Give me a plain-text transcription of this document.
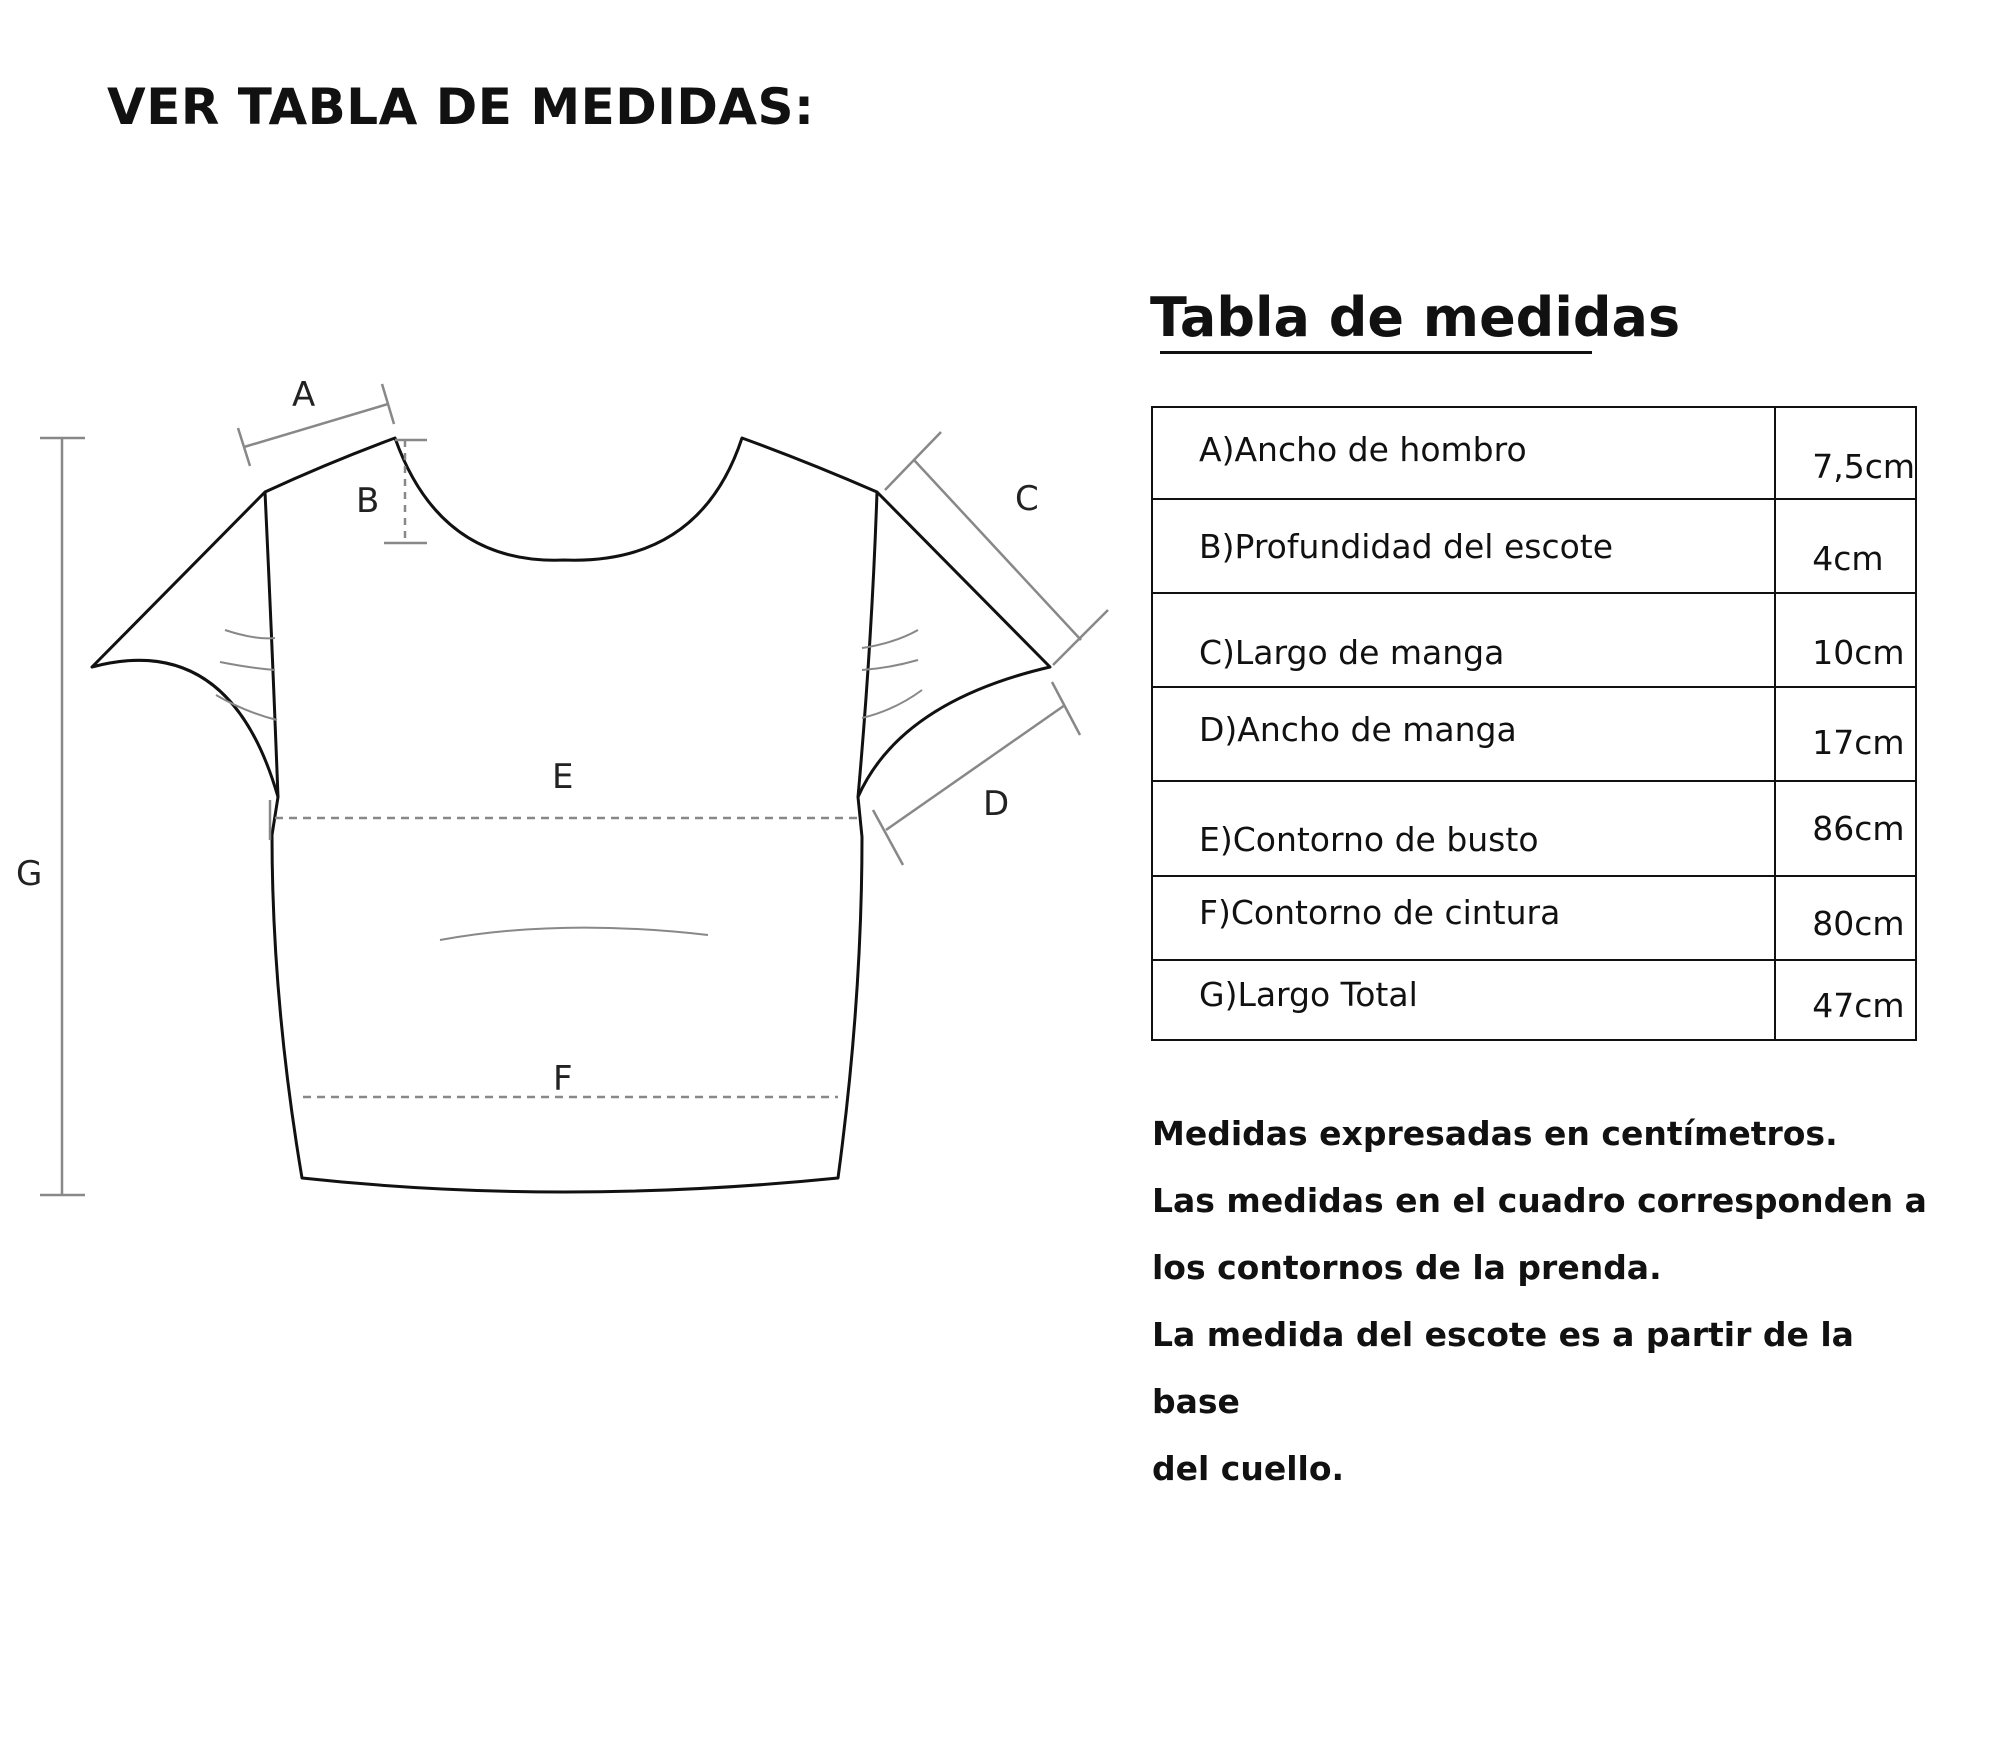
VER TABLA DE MEDIDAS:
A
B	C
D
E
F
G
Tabla de medidas
A)Ancho de hombro	7,5cm
B)Profundidad del escote	4cm
C)Largo de manga	10cm
D)Ancho de manga	17cm
E)Contorno de busto	86cm
F)Contorno de cintura	80cm
G)Largo Total	47cm

Medidas expresadas en centímetros.

Las medidas en el cuadro corresponden a

los contornos de la prenda.

La medida del escote es a partir de la base

del cuello.
